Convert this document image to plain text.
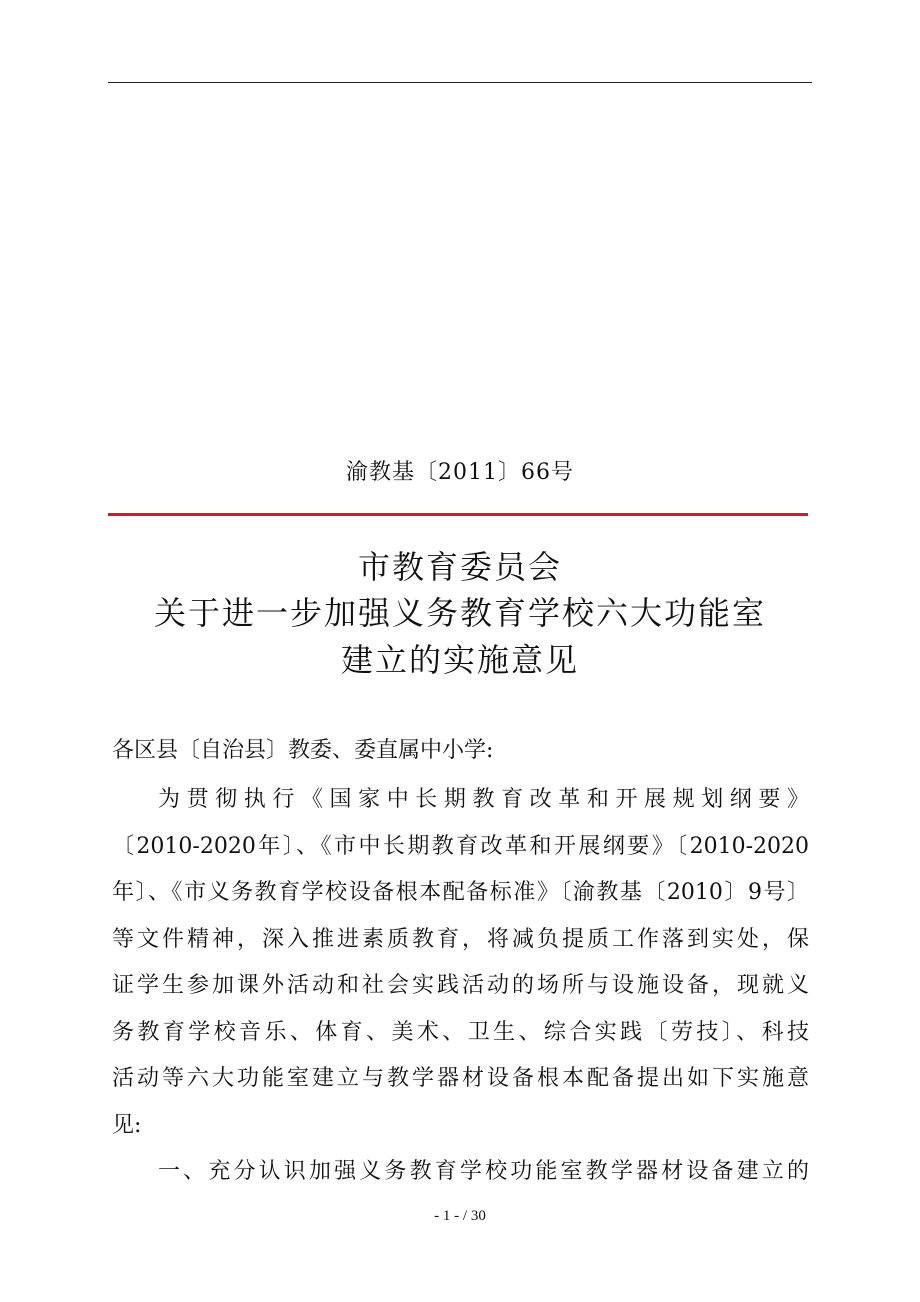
渝教基〔2011〕66号
市教育委员会
关于进一步加强义务教育学校六大功能室
建立的实施意见
各区县〔自治县〕教委、委直属中小学:
为贯彻执行《国家中长期教育改革和开展规划纲要》
〔2010-2020年〕、《市中长期教育改革和开展纲要》〔2010-2020
年〕、《市义务教育学校设备根本配备标准》〔渝教基〔2010〕9号〕
等文件精神，深入推进素质教育，将减负提质工作落到实处，保
证学生参加课外活动和社会实践活动的场所与设施设备，现就义
务教育学校音乐、体育、美术、卫生、综合实践〔劳技〕、科技
活动等六大功能室建立与教学器材设备根本配备提出如下实施意
见:
一、充分认识加强义务教育学校功能室教学器材设备建立的
- 1 - / 30
